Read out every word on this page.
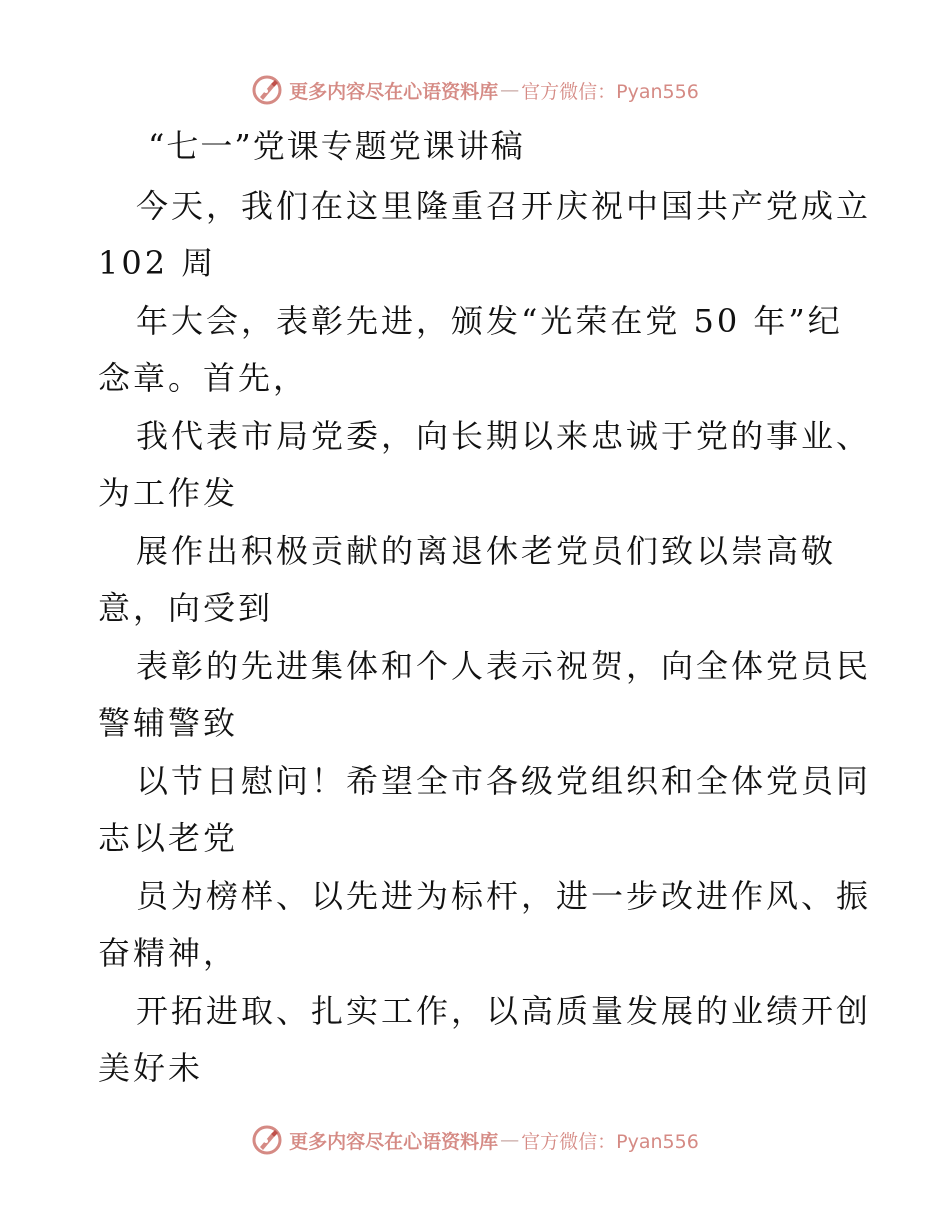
更多内容尽在心语资料库 — 官方微信：Pyan556
“七一”党课专题党课讲稿
今天，我们在这里隆重召开庆祝中国共产党成立
102 周
年大会，表彰先进，颁发“光荣在党 50 年”纪
念章。首先，
我代表市局党委，向长期以来忠诚于党的事业、
为工作发
展作出积极贡献的离退休老党员们致以崇高敬
意，向受到
表彰的先进集体和个人表示祝贺，向全体党员民
警辅警致
以节日慰问！希望全市各级党组织和全体党员同
志以老党
员为榜样、以先进为标杆，进一步改进作风、振
奋精神，
开拓进取、扎实工作，以高质量发展的业绩开创
美好未
更多内容尽在心语资料库 — 官方微信：Pyan556
